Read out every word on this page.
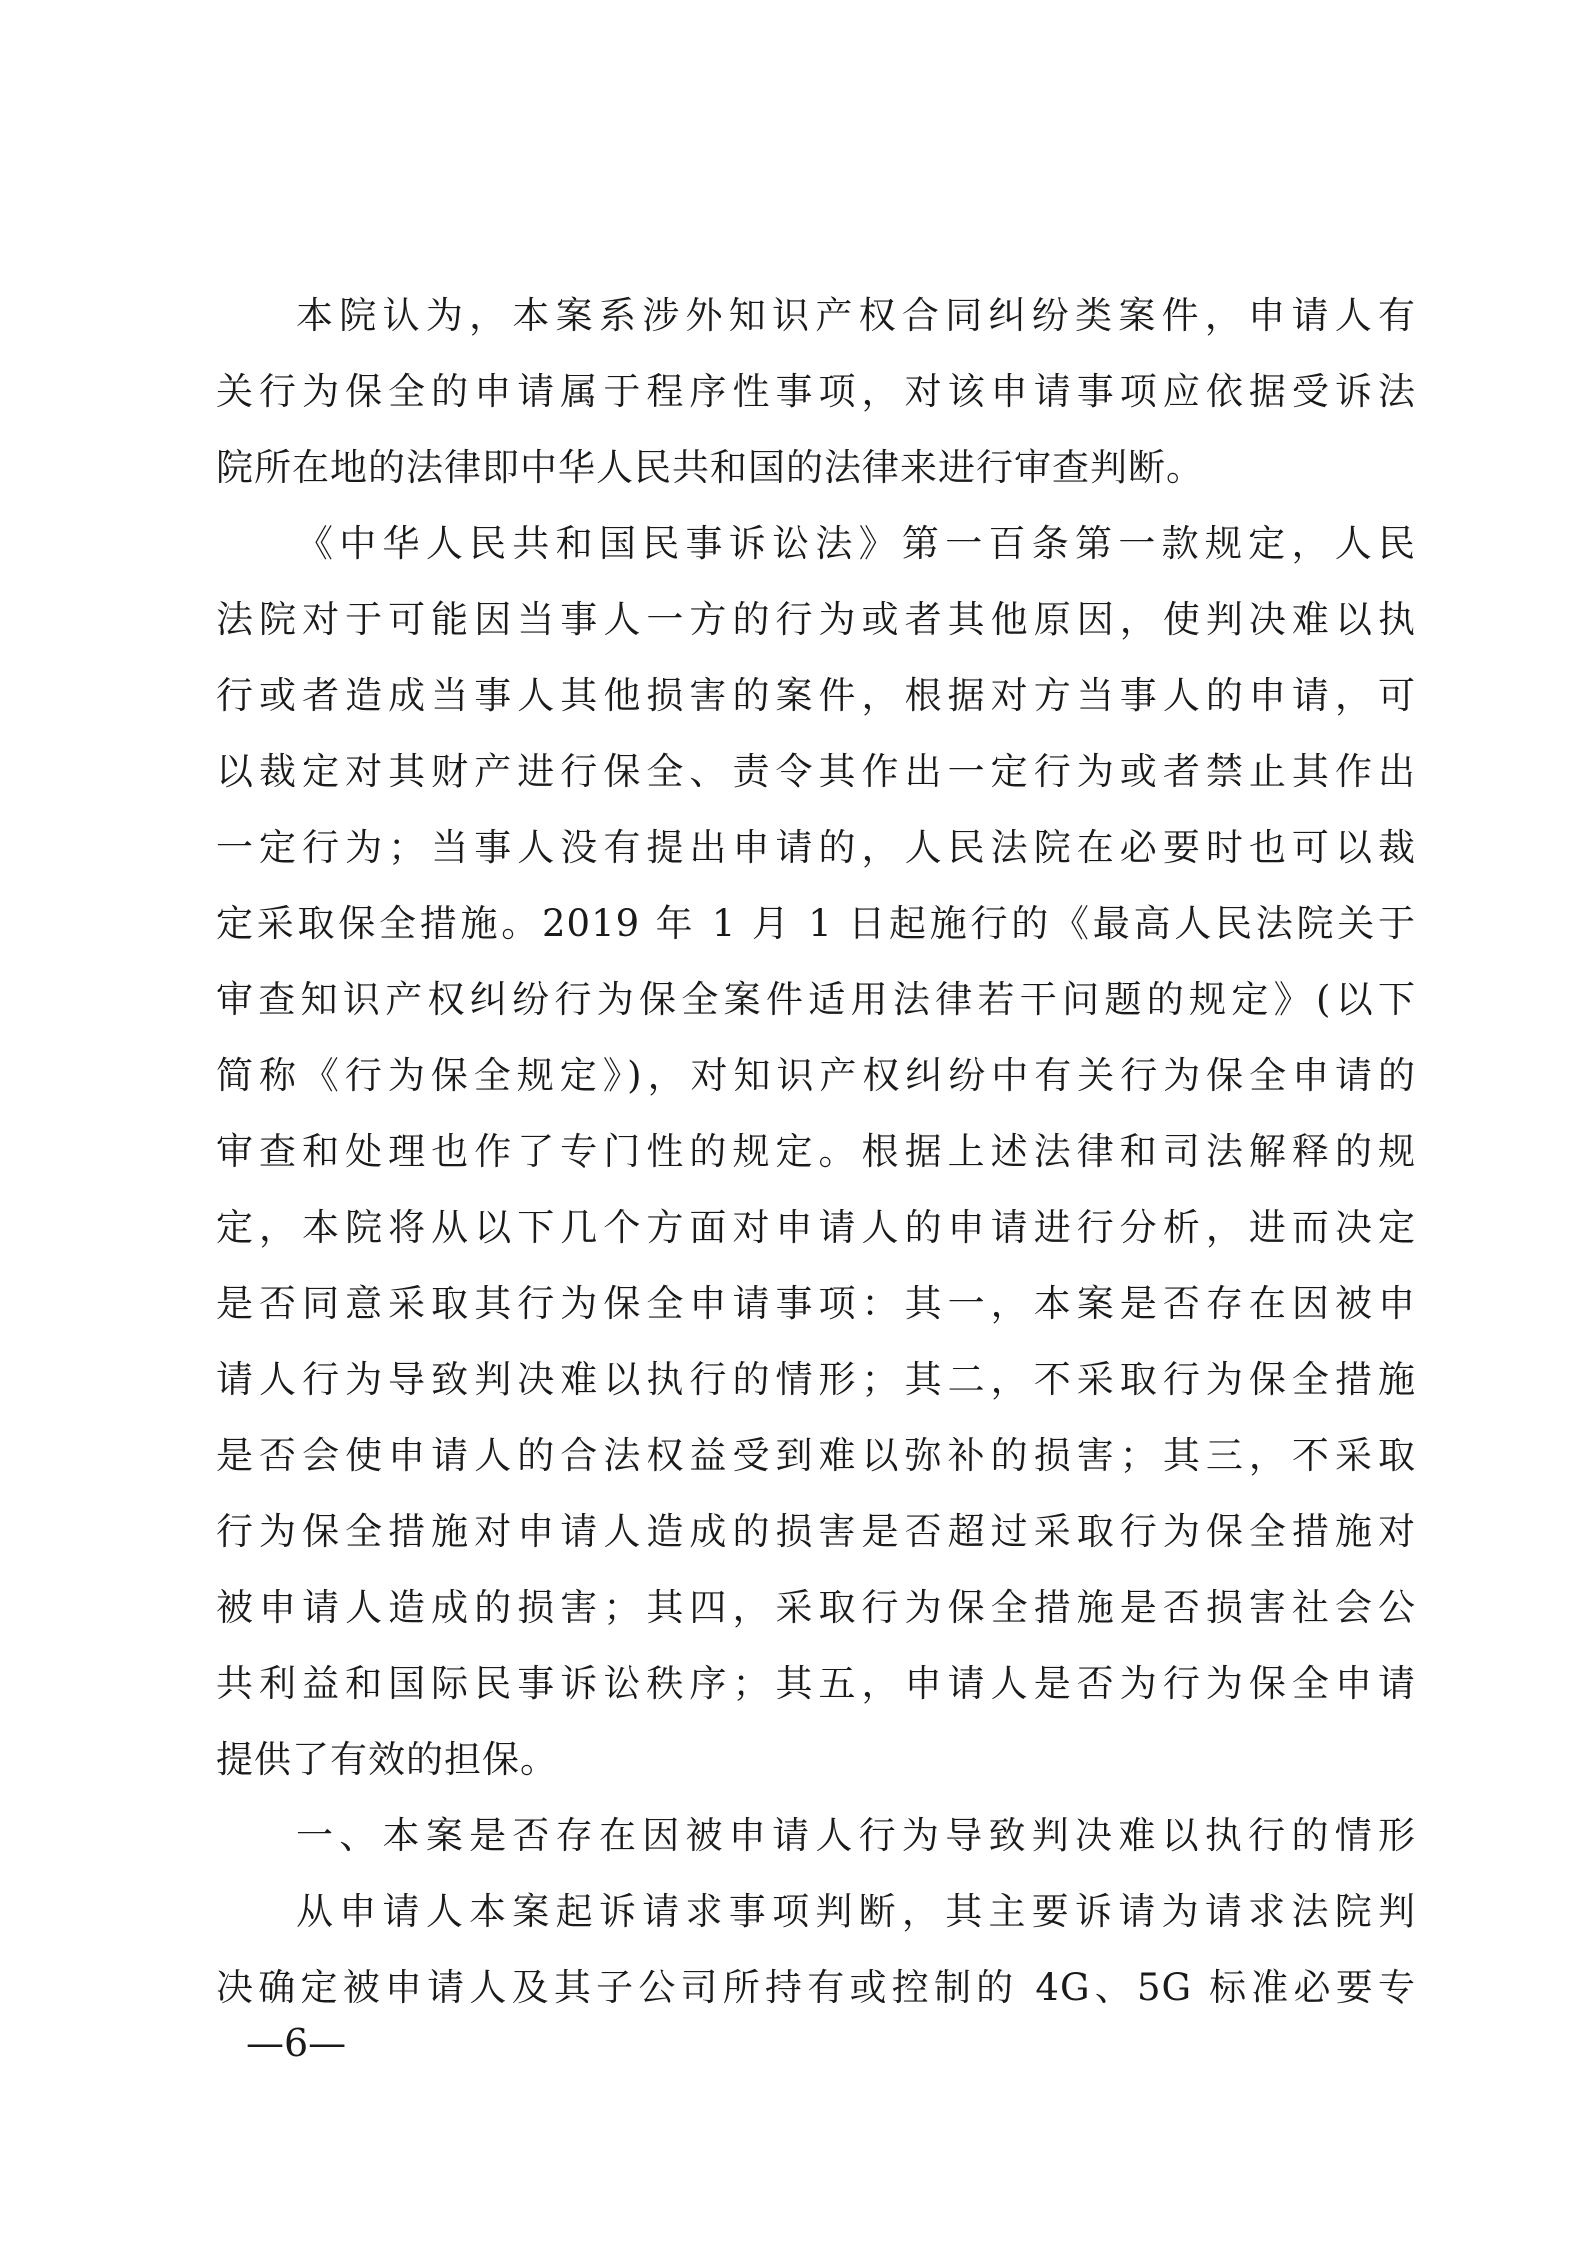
本院认为，本案系涉外知识产权合同纠纷类案件，申请人有
关行为保全的申请属于程序性事项，对该申请事项应依据受诉法
院所在地的法律即中华人民共和国的法律来进行审查判断。
《中华人民共和国民事诉讼法》第一百条第一款规定，人民
法院对于可能因当事人一方的行为或者其他原因，使判决难以执
行或者造成当事人其他损害的案件，根据对方当事人的申请，可
以裁定对其财产进行保全、责令其作出一定行为或者禁止其作出
一定行为；当事人没有提出申请的，人民法院在必要时也可以裁
定采取保全措施。2019 年 1 月 1 日起施行的《最高人民法院关于
审查知识产权纠纷行为保全案件适用法律若干问题的规定》(以下
简称《行为保全规定》)，对知识产权纠纷中有关行为保全申请的
审查和处理也作了专门性的规定。根据上述法律和司法解释的规
定，本院将从以下几个方面对申请人的申请进行分析，进而决定
是否同意采取其行为保全申请事项：其一，本案是否存在因被申
请人行为导致判决难以执行的情形；其二，不采取行为保全措施
是否会使申请人的合法权益受到难以弥补的损害；其三，不采取
行为保全措施对申请人造成的损害是否超过采取行为保全措施对
被申请人造成的损害；其四，采取行为保全措施是否损害社会公
共利益和国际民事诉讼秩序；其五，申请人是否为行为保全申请
提供了有效的担保。
一、本案是否存在因被申请人行为导致判决难以执行的情形
从申请人本案起诉请求事项判断，其主要诉请为请求法院判
决确定被申请人及其子公司所持有或控制的 4G、5G 标准必要专
—6—
